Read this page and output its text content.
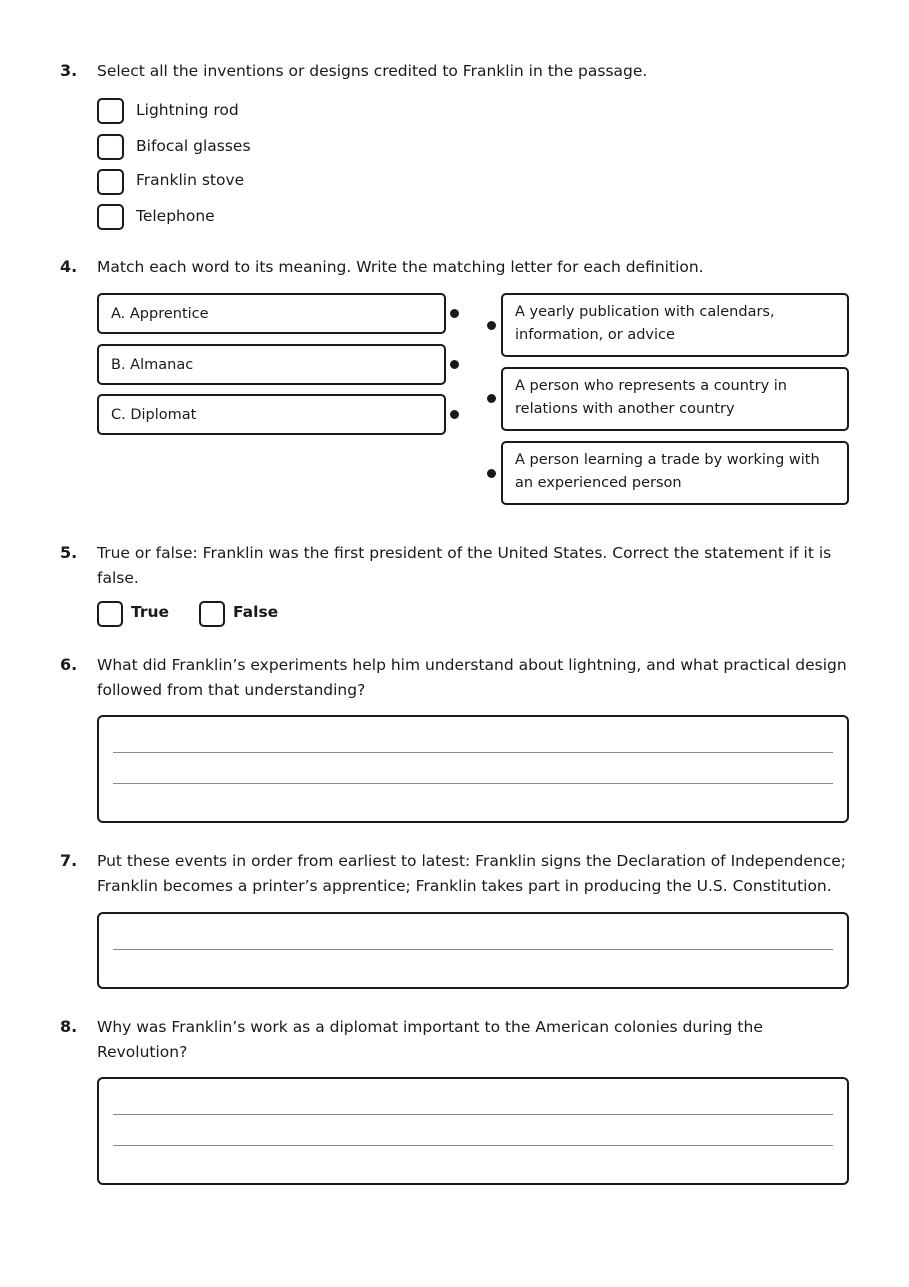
3. Select all the inventions or designs credited to Franklin in the passage.
Lightning rod
Bifocal glasses
Franklin stove
Telephone
4. Match each word to its meaning. Write the matching letter for each definition.
A. Apprentice
B. Almanac
C. Diplomat
A yearly publication with calendars,
information, or advice
A person who represents a country in
relations with another country
A person learning a trade by working with
an experienced person
5. True or false: Franklin was the first president of the United States. Correct the statement if it is
false.
True	False
6. What did Franklin’s experiments help him understand about lightning, and what practical design
followed from that understanding?
7. Put these events in order from earliest to latest: Franklin signs the Declaration of Independence;
Franklin becomes a printer’s apprentice; Franklin takes part in producing the U.S. Constitution.
8. Why was Franklin’s work as a diplomat important to the American colonies during the
Revolution?
